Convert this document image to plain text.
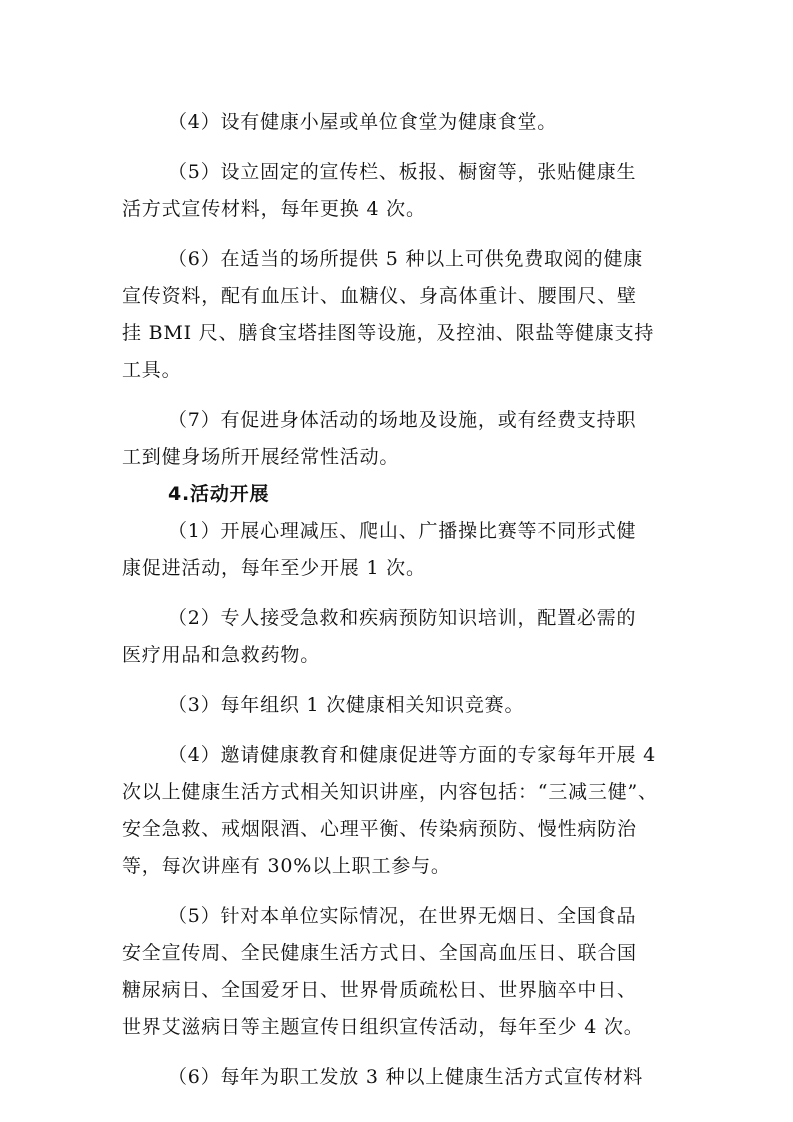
（4）设有健康小屋或单位食堂为健康食堂。
（5）设立固定的宣传栏、板报、橱窗等，张贴健康生
活方式宣传材料，每年更换 4 次。
（6）在适当的场所提供 5 种以上可供免费取阅的健康
宣传资料，配有血压计、血糖仪、身高体重计、腰围尺、壁
挂 BMI 尺、膳食宝塔挂图等设施，及控油、限盐等健康支持
工具。
（7）有促进身体活动的场地及设施，或有经费支持职
工到健身场所开展经常性活动。
4.活动开展
（1）开展心理减压、爬山、广播操比赛等不同形式健
康促进活动，每年至少开展 1 次。
（2）专人接受急救和疾病预防知识培训，配置必需的
医疗用品和急救药物。
（3）每年组织 1 次健康相关知识竞赛。
（4）邀请健康教育和健康促进等方面的专家每年开展 4
次以上健康生活方式相关知识讲座，内容包括：“三减三健”、
安全急救、戒烟限酒、心理平衡、传染病预防、慢性病防治
等，每次讲座有 30%以上职工参与。
（5）针对本单位实际情况，在世界无烟日、全国食品
安全宣传周、全民健康生活方式日、全国高血压日、联合国
糖尿病日、全国爱牙日、世界骨质疏松日、世界脑卒中日、
世界艾滋病日等主题宣传日组织宣传活动，每年至少 4 次。
（6）每年为职工发放 3 种以上健康生活方式宣传材料
